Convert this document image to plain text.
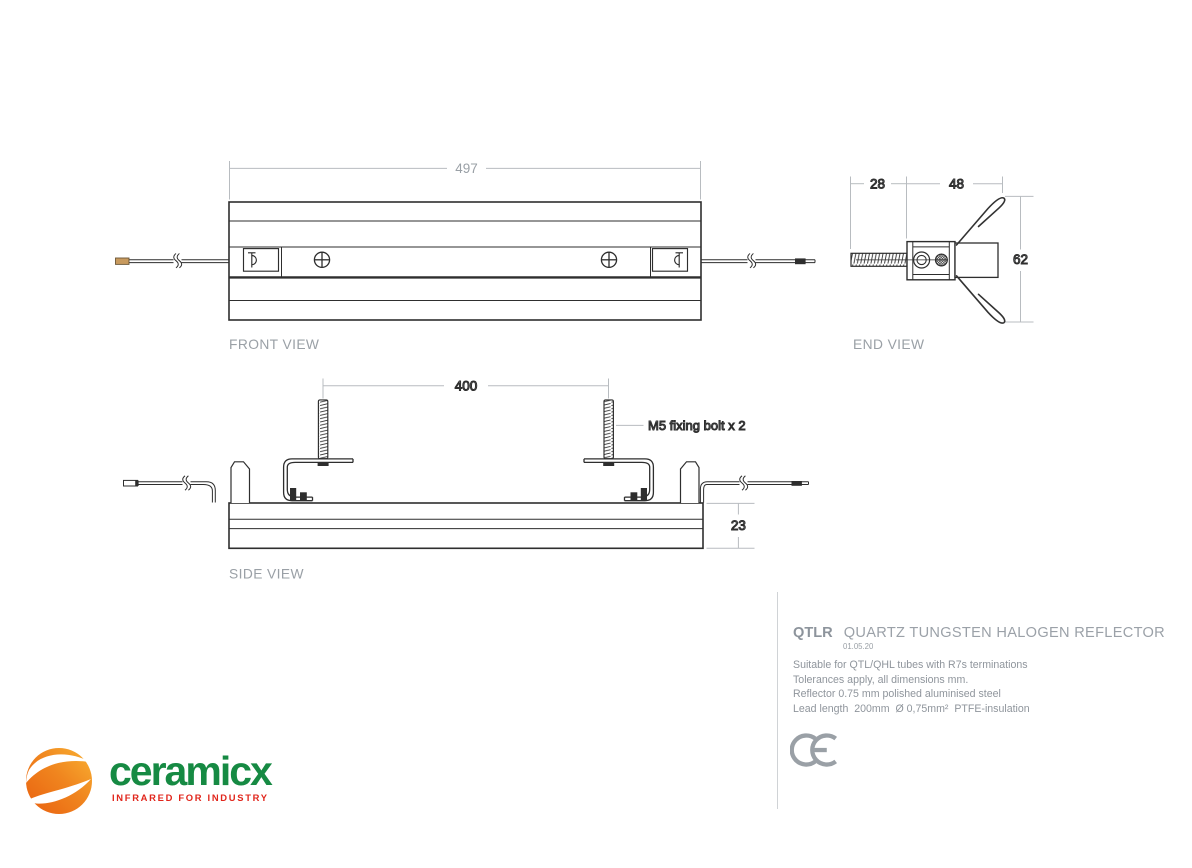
497
FRONT VIEW
28	48
62
END VIEW
400
23
M5 fixing bolt x 2
SIDE VIEW
QTLR QUARTZ TUNGSTEN HALOGEN REFLECTOR
01.05.20
Suitable for QTL/QHL tubes with R7s terminations
Tolerances apply, all dimensions mm.
Reflector 0.75 mm polished aluminised steel
Lead length  200mm  Ø 0,75mm²  PTFE-insulation
ceramicx
INFRARED FOR INDUSTRY
